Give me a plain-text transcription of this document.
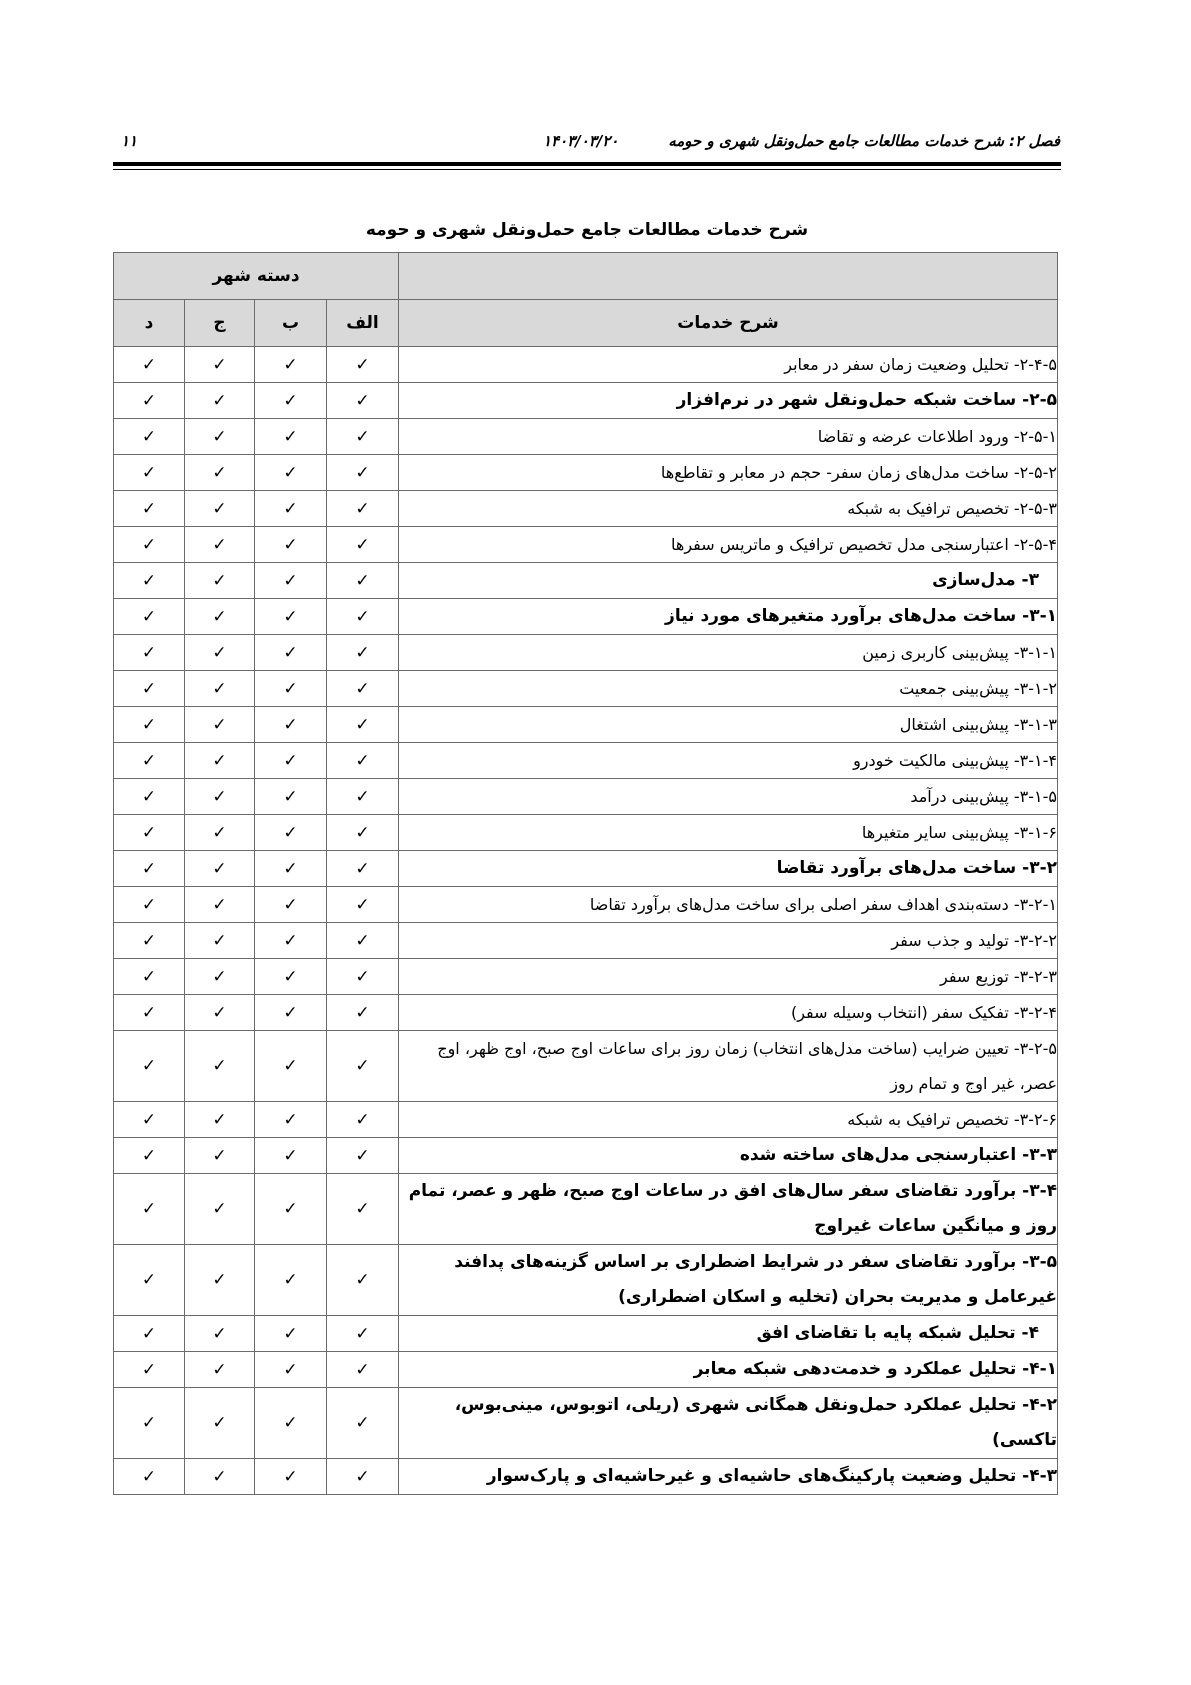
فصل ۲: شرح خدمات مطالعات جامع حمل‌ونقل شهری و حومه
۱۴۰۳/۰۳/۲۰
۱۱
شرح خدمات مطالعات جامع حمل‌ونقل شهری و حومه
	دسته شهر			
شرح خدمات	الف	ب	ج	د
۲-۴-۵- تحلیل وضعیت زمان سفر در معابر	✓	✓	✓	✓
۲-۵- ساخت شبکه حمل‌ونقل شهر در نرم‌افزار	✓	✓	✓	✓
۲-۵-۱- ورود اطلاعات عرضه و تقاضا	✓	✓	✓	✓
۲-۵-۲- ساخت مدل‌های زمان سفر- حجم در معابر و تقاطع‌ها	✓	✓	✓	✓
۲-۵-۳- تخصیص ترافیک به شبکه	✓	✓	✓	✓
۲-۵-۴- اعتبارسنجی مدل تخصیص ترافیک و ماتریس سفرها	✓	✓	✓	✓
۳- مدل‌سازی	✓	✓	✓	✓
۳-۱- ساخت مدل‌های برآورد متغیرهای مورد نیاز	✓	✓	✓	✓
۳-۱-۱- پیش‌بینی کاربری زمین	✓	✓	✓	✓
۳-۱-۲- پیش‌بینی جمعیت	✓	✓	✓	✓
۳-۱-۳- پیش‌بینی اشتغال	✓	✓	✓	✓
۳-۱-۴- پیش‌بینی مالکیت خودرو	✓	✓	✓	✓
۳-۱-۵- پیش‌بینی درآمد	✓	✓	✓	✓
۳-۱-۶- پیش‌بینی سایر متغیرها	✓	✓	✓	✓
۳-۲- ساخت مدل‌های برآورد تقاضا	✓	✓	✓	✓
۳-۲-۱- دسته‌بندی اهداف سفر اصلی برای ساخت مدل‌های برآورد تقاضا	✓	✓	✓	✓
۳-۲-۲- تولید و جذب سفر	✓	✓	✓	✓
۳-۲-۳- توزیع سفر	✓	✓	✓	✓
۳-۲-۴- تفکیک سفر (انتخاب وسیله سفر)	✓	✓	✓	✓
۳-۲-۵- تعیین ضرایب (ساخت مدل‌های انتخاب) زمان روز برای ساعات اوج صبح، اوج ظهر، اوج عصر، غیر اوج و تمام روز	✓	✓	✓	✓
۳-۲-۶- تخصیص ترافیک به شبکه	✓	✓	✓	✓
۳-۳- اعتبارسنجی مدل‌های ساخته شده	✓	✓	✓	✓
۳-۴- برآورد تقاضای سفر سال‌های افق در ساعات اوج صبح، ظهر و عصر، تمام روز و میانگین ساعات غیراوج	✓	✓	✓	✓
۳-۵- برآورد تقاضای سفر در شرایط اضطراری بر اساس گزینه‌های پدافند غیرعامل و مدیریت بحران (تخلیه و اسکان اضطراری)	✓	✓	✓	✓
۴- تحلیل شبکه پایه با تقاضای افق	✓	✓	✓	✓
۴-۱- تحلیل عملکرد و خدمت‌دهی شبکه معابر	✓	✓	✓	✓
۴-۲- تحلیل عملکرد حمل‌ونقل همگانی شهری (ریلی، اتوبوس، مینی‌بوس، تاکسی)	✓	✓	✓	✓
۴-۳- تحلیل وضعیت پارکینگ‌های حاشیه‌ای و غیرحاشیه‌ای و پارک‌سوار	✓	✓	✓	✓
